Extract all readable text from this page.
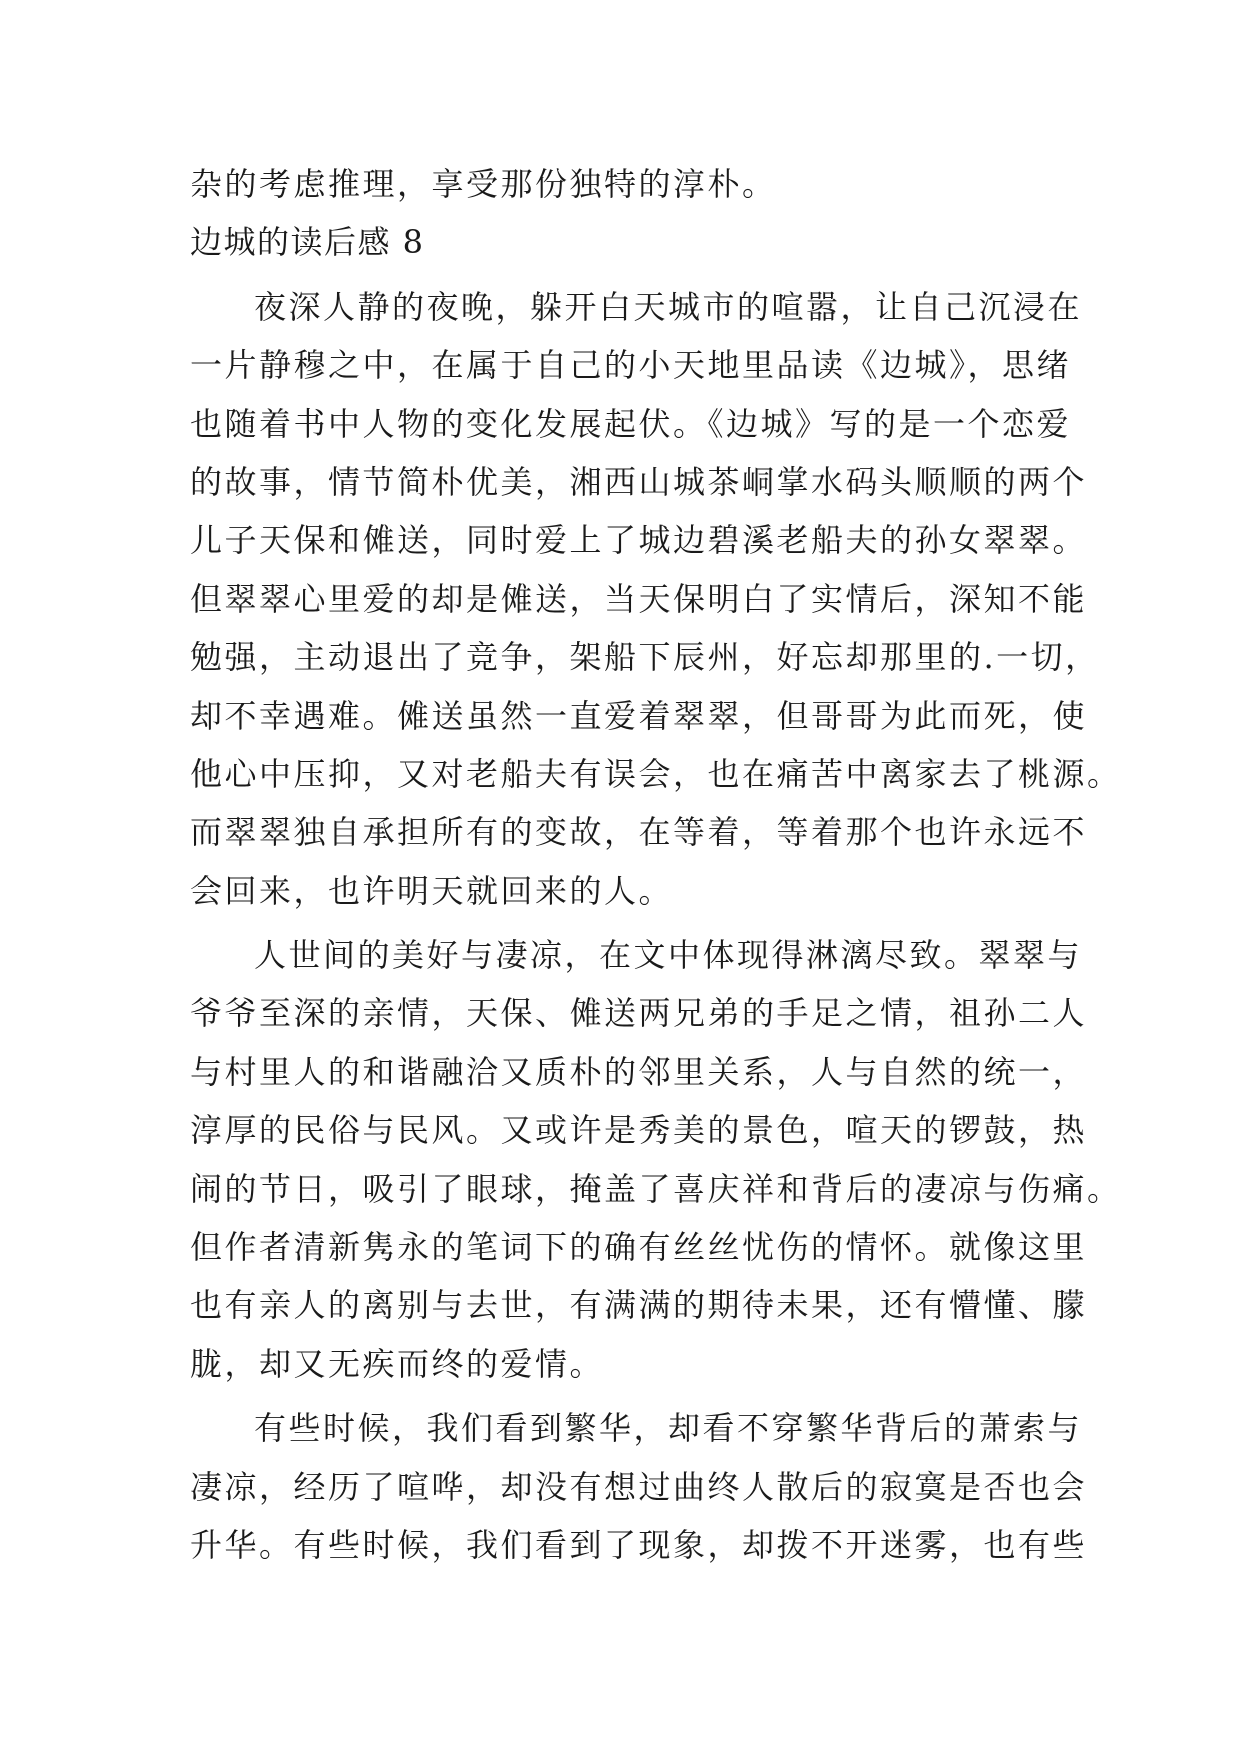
杂的考虑推理，享受那份独特的淳朴。
边城的读后感 8
夜深人静的夜晚，躲开白天城市的喧嚣，让自己沉浸在
一片静穆之中，在属于自己的小天地里品读《边城》，思绪
也随着书中人物的变化发展起伏。《边城》写的是一个恋爱
的故事，情节简朴优美，湘西山城茶峒掌水码头顺顺的两个
儿子天保和傩送，同时爱上了城边碧溪老船夫的孙女翠翠。
但翠翠心里爱的却是傩送，当天保明白了实情后，深知不能
勉强，主动退出了竞争，架船下辰州，好忘却那里的.一切，
却不幸遇难。傩送虽然一直爱着翠翠，但哥哥为此而死，使
他心中压抑，又对老船夫有误会，也在痛苦中离家去了桃源。
而翠翠独自承担所有的变故，在等着，等着那个也许永远不
会回来，也许明天就回来的人。
人世间的美好与凄凉，在文中体现得淋漓尽致。翠翠与
爷爷至深的亲情，天保、傩送两兄弟的手足之情，祖孙二人
与村里人的和谐融洽又质朴的邻里关系，人与自然的统一，
淳厚的民俗与民风。又或许是秀美的景色，喧天的锣鼓，热
闹的节日，吸引了眼球，掩盖了喜庆祥和背后的凄凉与伤痛。
但作者清新隽永的笔词下的确有丝丝忧伤的情怀。就像这里
也有亲人的离别与去世，有满满的期待未果，还有懵懂、朦
胧，却又无疾而终的爱情。
有些时候，我们看到繁华，却看不穿繁华背后的萧索与
凄凉，经历了喧哗，却没有想过曲终人散后的寂寞是否也会
升华。有些时候，我们看到了现象，却拨不开迷雾，也有些
